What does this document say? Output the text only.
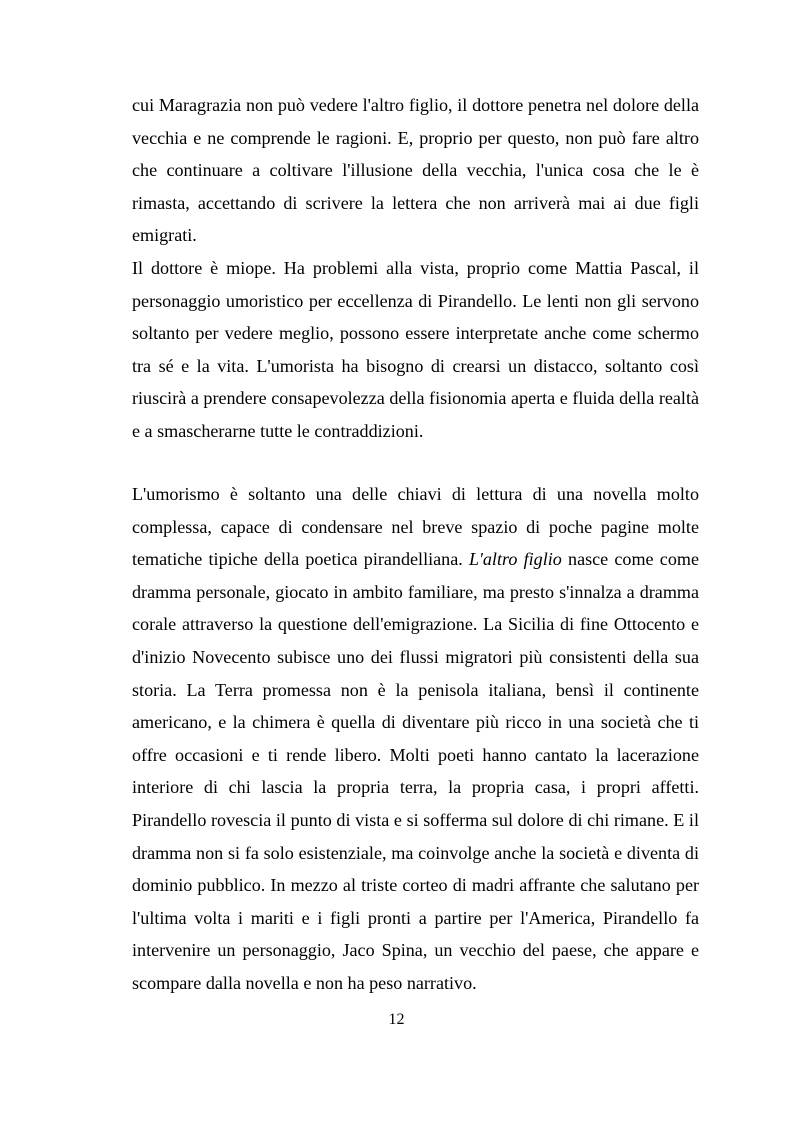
cui Maragrazia non può vedere l'altro figlio, il dottore penetra nel dolore della vecchia e ne comprende le ragioni. E, proprio per questo, non può fare altro che continuare a coltivare l'illusione della vecchia, l'unica cosa che le è rimasta, accettando di scrivere la lettera che non arriverà mai ai due figli emigrati.

Il dottore è miope. Ha problemi alla vista, proprio come Mattia Pascal, il personaggio umoristico per eccellenza di Pirandello. Le lenti non gli servono soltanto per vedere meglio, possono essere interpretate anche come schermo tra sé e la vita. L'umorista ha bisogno di crearsi un distacco, soltanto così riuscirà a prendere consapevolezza della fisionomia aperta e fluida della realtà e a smascherarne tutte le contraddizioni.

L'umorismo è soltanto una delle chiavi di lettura di una novella molto complessa, capace di condensare nel breve spazio di poche pagine molte tematiche tipiche della poetica pirandelliana. L'altro figlio nasce come come dramma personale, giocato in ambito familiare, ma presto s'innalza a dramma corale attraverso la questione dell'emigrazione. La Sicilia di fine Ottocento e d'inizio Novecento subisce uno dei flussi migratori più consistenti della sua storia. La Terra promessa non è la penisola italiana, bensì il continente americano, e la chimera è quella di diventare più ricco in una società che ti offre occasioni e ti rende libero. Molti poeti hanno cantato la lacerazione interiore di chi lascia la propria terra, la propria casa, i propri affetti. Pirandello rovescia il punto di vista e si sofferma sul dolore di chi rimane. E il dramma non si fa solo esistenziale, ma coinvolge anche la società e diventa di dominio pubblico. In mezzo al triste corteo di madri affrante che salutano per l'ultima volta i mariti e i figli pronti a partire per l'America, Pirandello fa intervenire un personaggio, Jaco Spina, un vecchio del paese, che appare e scompare dalla novella e non ha peso narrativo.

12
